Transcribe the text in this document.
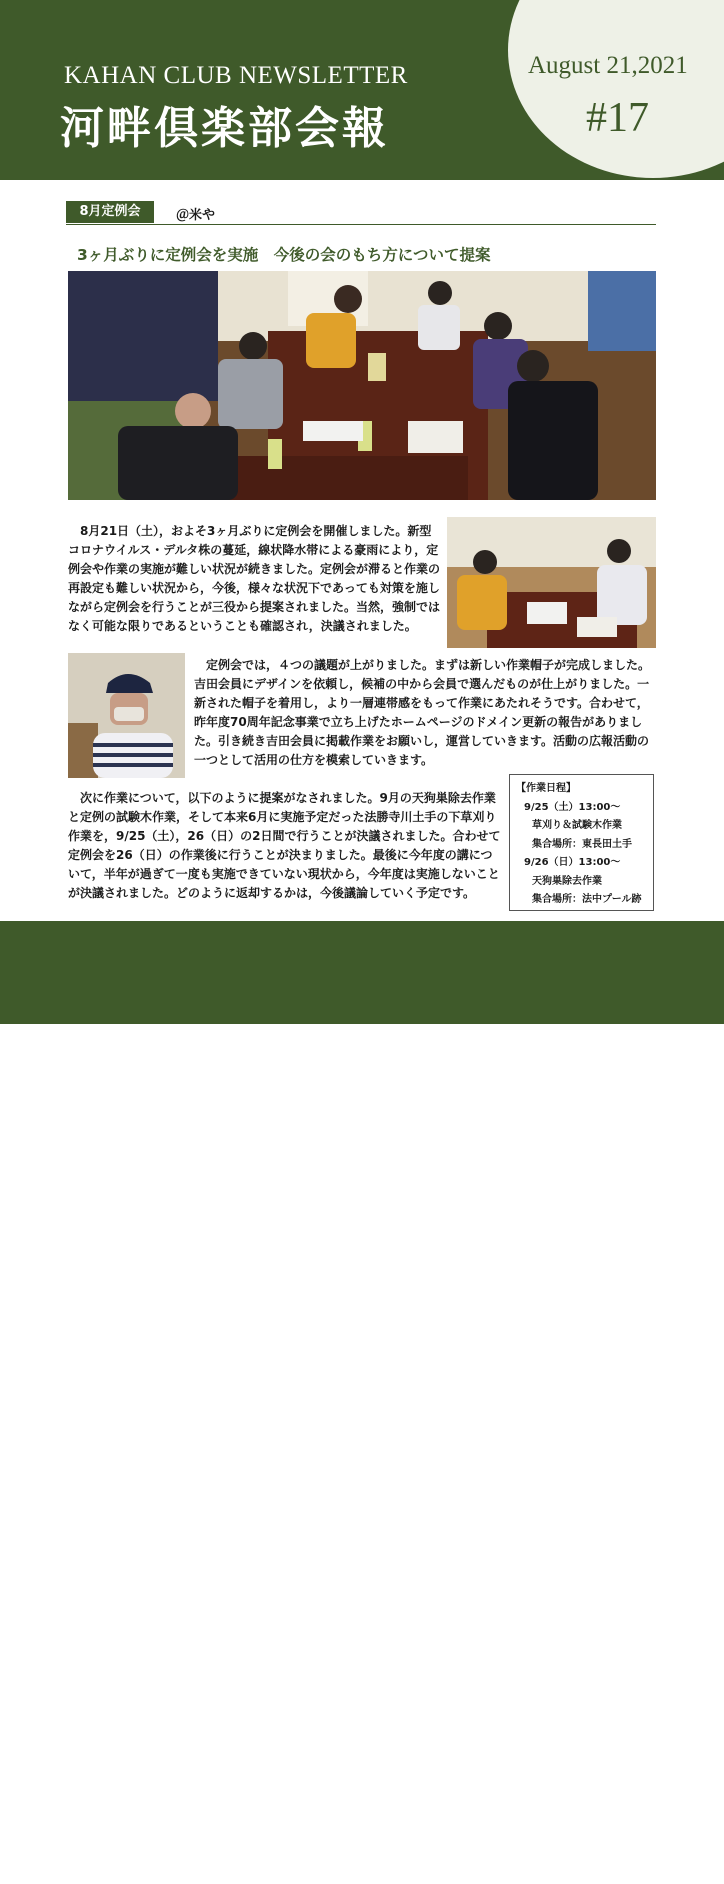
KAHAN CLUB NEWSLETTER
河畔倶楽部会報
August 21,2021
#17
8月定例会	＠米や
3ヶ月ぶりに定例会を実施　今後の会のもち方について提案

　8月21日（土），およそ3ヶ月ぶりに定例会を開催しました。新型コロナウイルス・デルタ株の蔓延，線状降水帯による豪雨により，定例会や作業の実施が難しい状況が続きました。定例会が滞ると作業の再設定も難しい状況から，今後，様々な状況下であっても対策を施しながら定例会を行うことが三役から提案されました。当然，強制ではなく可能な限りであるということも確認され，決議されました。

　定例会では，４つの議題が上がりました。まずは新しい作業帽子が完成しました。吉田会員にデザインを依頼し，候補の中から会員で選んだものが仕上がりました。一新された帽子を着用し，より一層連帯感をもって作業にあたれそうです。合わせて，昨年度70周年記念事業で立ち上げたホームページのドメイン更新の報告がありました。引き続き吉田会員に掲載作業をお願いし，運営していきます。活動の広報活動の一つとして活用の仕方を模索していきます。

　次に作業について，以下のように提案がなされました。9月の天狗巣除去作業と定例の試験木作業，そして本来6月に実施予定だった法勝寺川土手の下草刈り作業を，9/25（土），26（日）の2日間で行うことが決議されました。合わせて定例会を26（日）の作業後に行うことが決まりました。最後に今年度の講について，半年が過ぎて一度も実施できていない現状から，今年度は実施しないことが決議されました。どのように返却するかは，今後議論していく予定です。

【作業日程】
9/25（土）13:00～
草刈り＆試験木作業
集合場所：東長田土手
9/26（日）13:00～
天狗巣除去作業
集合場所：法中プール跡
©　河畔倶楽部　All Rights Reserved.
